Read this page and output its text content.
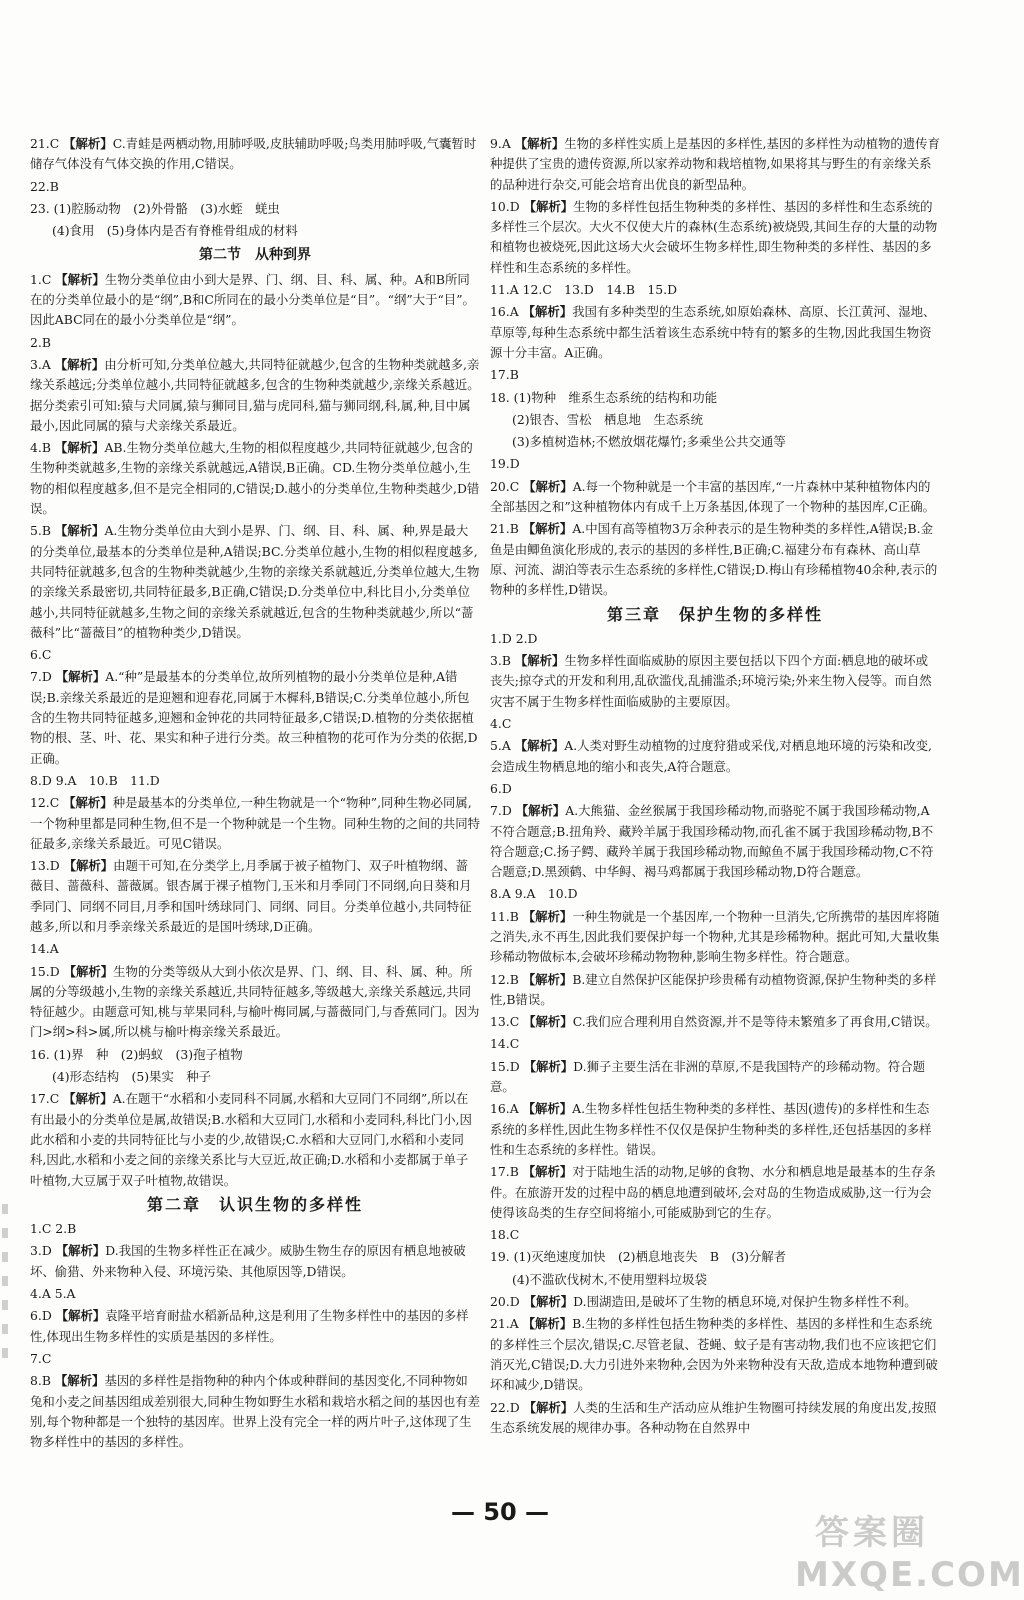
21.C 【解析】C.青蛙是两栖动物,用肺呼吸,皮肤辅助呼吸;鸟类用肺呼吸,气囊暂时储存气体没有气体交换的作用,C错误。
22.B
23. (1)腔肠动物　(2)外骨骼　(3)水蛭　蜣虫
(4)食用　(5)身体内是否有脊椎骨组成的材料
第二节　从种到界
1.C 【解析】生物分类单位由小到大是界、门、纲、目、科、属、种。A和B所同在的分类单位最小的是“纲”,B和C所同在的最小分类单位是“目”。“纲”大于“目”。因此ABC同在的最小分类单位是“纲”。
2.B
3.A 【解析】由分析可知,分类单位越大,共同特征就越少,包含的生物种类就越多,亲缘关系越远;分类单位越小,共同特征就越多,包含的生物种类就越少,亲缘关系越近。据分类索引可知:猿与犬同属,猿与狮同目,猫与虎同科,猫与狮同纲,科,属,种,目中属最小,因此同属的猿与犬亲缘关系最近。
4.B 【解析】AB.生物分类单位越大,生物的相似程度越少,共同特征就越少,包含的生物种类就越多,生物的亲缘关系就越远,A错误,B正确。CD.生物分类单位越小,生物的相似程度越多,但不是完全相同的,C错误;D.越小的分类单位,生物种类越少,D错误。
5.B 【解析】A.生物分类单位由大到小是界、门、纲、目、科、属、种,界是最大的分类单位,最基本的分类单位是种,A错误;BC.分类单位越小,生物的相似程度越多,共同特征就越多,包含的生物种类就越少,生物的亲缘关系就越近,分类单位越大,生物的亲缘关系最密切,共同特征最多,B正确,C错误;D.分类单位中,科比目小,分类单位越小,共同特征就越多,生物之间的亲缘关系就越近,包含的生物种类就越少,所以“蔷薇科”比“蔷薇目”的植物种类少,D错误。
6.C
7.D 【解析】A.“种”是最基本的分类单位,故所列植物的最小分类单位是种,A错误;B.亲缘关系最近的是迎翘和迎春花,同属于木樨科,B错误;C.分类单位越小,所包含的生物共同特征越多,迎翘和金钟花的共同特征最多,C错误;D.植物的分类依据植物的根、茎、叶、花、果实和种子进行分类。故三种植物的花可作为分类的依据,D正确。
8.D 9.A　10.B　11.D
12.C 【解析】种是最基本的分类单位,一种生物就是一个“物种”,同种生物必同属,一个物种里都是同种生物,但不是一个物种就是一个生物。同种生物的之间的共同特征最多,亲缘关系最近。可见C错误。
13.D 【解析】由题干可知,在分类学上,月季属于被子植物门、双子叶植物纲、蔷薇目、蔷薇科、蔷薇属。银杏属于裸子植物门,玉米和月季同门不同纲,向日葵和月季同门、同纲不同目,月季和国叶绣球同门、同纲、同目。分类单位越小,共同特征越多,所以和月季亲缘关系最近的是国叶绣球,D正确。
14.A
15.D 【解析】生物的分类等级从大到小依次是界、门、纲、目、科、属、种。所属的分等级越小,生物的亲缘关系越近,共同特征越多,等级越大,亲缘关系越远,共同特征越少。由题意可知,桃与苹果同科,与榆叶梅同属,与蔷薇同门,与香蕉同门。因为门>纲>科>属,所以桃与榆叶梅亲缘关系最近。
16. (1)界　种　(2)蚂蚁　(3)孢子植物
(4)形态结构　(5)果实　种子
17.C 【解析】A.在题干“水稻和小麦同科不同属,水稻和大豆同门不同纲”,所以在有出最小的分类单位是属,故错误;B.水稻和大豆同门,水稻和小麦同科,科比门小,因此水稻和小麦的共同特征比与小麦的少,故错误;C.水稻和大豆同门,水稻和小麦同科,因此,水稻和小麦之间的亲缘关系比与大豆近,故正确;D.水稻和小麦都属于单子叶植物,大豆属于双子叶植物,故错误。
第二章　认识生物的多样性
1.C 2.B
3.D 【解析】D.我国的生物多样性正在减少。威胁生物生存的原因有栖息地被破坏、偷猎、外来物种入侵、环境污染、其他原因等,D错误。
4.A 5.A
6.D 【解析】袁隆平培育耐盐水稻新品种,这是利用了生物多样性中的基因的多样性,体现出生物多样性的实质是基因的多样性。
7.C
8.B 【解析】基因的多样性是指物种的种内个体或种群间的基因变化,不同种物如兔和小麦之间基因组成差别很大,同种生物如野生水稻和栽培水稻之间的基因也有差别,每个物种都是一个独特的基因库。世界上没有完全一样的两片叶子,这体现了生物多样性中的基因的多样性。
9.A 【解析】生物的多样性实质上是基因的多样性,基因的多样性为动植物的遗传育种提供了宝贵的遗传资源,所以家养动物和栽培植物,如果将其与野生的有亲缘关系的品种进行杂交,可能会培育出优良的新型品种。
10.D 【解析】生物的多样性包括生物种类的多样性、基因的多样性和生态系统的多样性三个层次。大火不仅使大片的森林(生态系统)被烧毁,其间生存的大量的动物和植物也被烧死,因此这场大火会破坏生物多样性,即生物种类的多样性、基因的多样性和生态系统的多样性。
11.A 12.C　13.D　14.B　15.D
16.A 【解析】我国有多种类型的生态系统,如原始森林、高原、长江黄河、湿地、草原等,每种生态系统中都生活着该生态系统中特有的繁多的生物,因此我国生物资源十分丰富。A正确。
17.B
18. (1)物种　维系生态系统的结构和功能
(2)银杏、雪松　栖息地　生态系统
(3)多植树造林;不燃放烟花爆竹;多乘坐公共交通等
19.D
20.C 【解析】A.每一个物种就是一个丰富的基因库,“一片森林中某种植物体内的全部基因之和”这种植物体内有成千上万条基因,体现了一个物种的基因库,C正确。
21.B 【解析】A.中国有高等植物3万余种表示的是生物种类的多样性,A错误;B.金鱼是由鲫鱼演化形成的,表示的基因的多样性,B正确;C.福建分布有森林、高山草原、河流、湖泊等表示生态系统的多样性,C错误;D.梅山有珍稀植物40余种,表示的物种的多样性,D错误。
第三章　保护生物的多样性
1.D 2.D
3.B 【解析】生物多样性面临威胁的原因主要包括以下四个方面:栖息地的破坏或丧失;掠夺式的开发和利用,乱砍滥伐,乱捕滥杀;环境污染;外来生物入侵等。而自然灾害不属于生物多样性面临威胁的主要原因。
4.C
5.A 【解析】A.人类对野生动植物的过度狩猎或采伐,对栖息地环境的污染和改变,会造成生物栖息地的缩小和丧失,A符合题意。
6.D
7.D 【解析】A.大熊猫、金丝猴属于我国珍稀动物,而骆驼不属于我国珍稀动物,A不符合题意;B.扭角羚、藏羚羊属于我国珍稀动物,而孔雀不属于我国珍稀动物,B不符合题意;C.扬子鳄、藏羚羊属于我国珍稀动物,而鲸鱼不属于我国珍稀动物,C不符合题意;D.黑颈鹤、中华鲟、褐马鸡都属于我国珍稀动物,D符合题意。
8.A 9.A　10.D
11.B 【解析】一种生物就是一个基因库,一个物种一旦消失,它所携带的基因库将随之消失,永不再生,因此我们要保护每一个物种,尤其是珍稀物种。据此可知,大量收集珍稀动物做标本,会破坏珍稀动物物种,影响生物多样性。符合题意。
12.B 【解析】B.建立自然保护区能保护珍贵稀有动植物资源,保护生物种类的多样性,B错误。
13.C 【解析】C.我们应合理利用自然资源,并不是等待未繁殖多了再食用,C错误。
14.C
15.D 【解析】D.狮子主要生活在非洲的草原,不是我国特产的珍稀动物。符合题意。
16.A 【解析】A.生物多样性包括生物种类的多样性、基因(遗传)的多样性和生态系统的多样性,因此生物多样性不仅仅是保护生物种类的多样性,还包括基因的多样性和生态系统的多样性。错误。
17.B 【解析】对于陆地生活的动物,足够的食物、水分和栖息地是最基本的生存条件。在旅游开发的过程中岛的栖息地遭到破坏,会对岛的生物造成威胁,这一行为会使得该岛类的生存空间将缩小,可能威胁到它的生存。
18.C
19. (1)灭绝速度加快　(2)栖息地丧失　B　(3)分解者
(4)不滥砍伐树木,不使用塑料垃圾袋
20.D 【解析】D.围湖造田,是破坏了生物的栖息环境,对保护生物多样性不利。
21.A 【解析】B.生物的多样性包括生物种类的多样性、基因的多样性和生态系统的多样性三个层次,错误;C.尽管老鼠、苍蝇、蚊子是有害动物,我们也不应该把它们消灭光,C错误;D.大力引进外来物种,会因为外来物种没有天敌,造成本地物种遭到破坏和减少,D错误。
22.D 【解析】人类的生活和生产活动应从维护生物圈可持续发展的角度出发,按照生态系统发展的规律办事。各种动物在自然界中
— 50 —
答案圈
MXQE.COM
